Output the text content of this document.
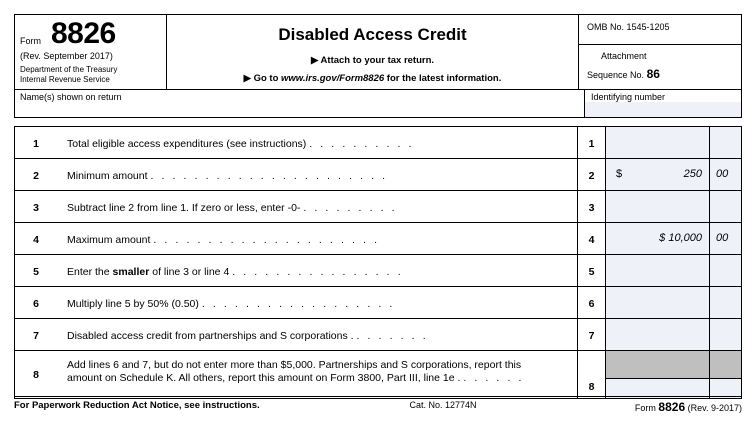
Form 8826
(Rev. September 2017)
Department of the Treasury
Internal Revenue Service
Disabled Access Credit
▶ Attach to your tax return.
▶ Go to www.irs.gov/Form8826 for the latest information.
OMB No. 1545-1205
Attachment
Sequence No. 86
Name(s) shown on return	Identifying number
1	Total eligible access expenditures (see instructions) . . . . . . . . . .	1
2	Minimum amount . . . . . . . . . . . . . . . . . . . . . .	2	$	250 00
3	Subtract line 2 from line 1. If zero or less, enter -0- . . . . . . . . .	3
4	Maximum amount . . . . . . . . . . . . . . . . . . . . .	4	$ 10,000 00
5	Enter the smaller of line 3 or line 4 . . . . . . . . . . . . . . . .	5
6	Multiply line 5 by 50% (0.50) . . . . . . . . . . . . . . . . . .	6
7	Disabled access credit from partnerships and S corporations . . . . . . . .	7
8
Add lines 6 and 7, but do not enter more than $5,000. Partnerships and S corporations, report this
amount on Schedule K. All others, report this amount on Form 3800, Part III, line 1e . . . . . . .
8
For Paperwork Reduction Act Notice, see instructions.	Cat. No. 12774N	Form 8826 (Rev. 9-2017)
